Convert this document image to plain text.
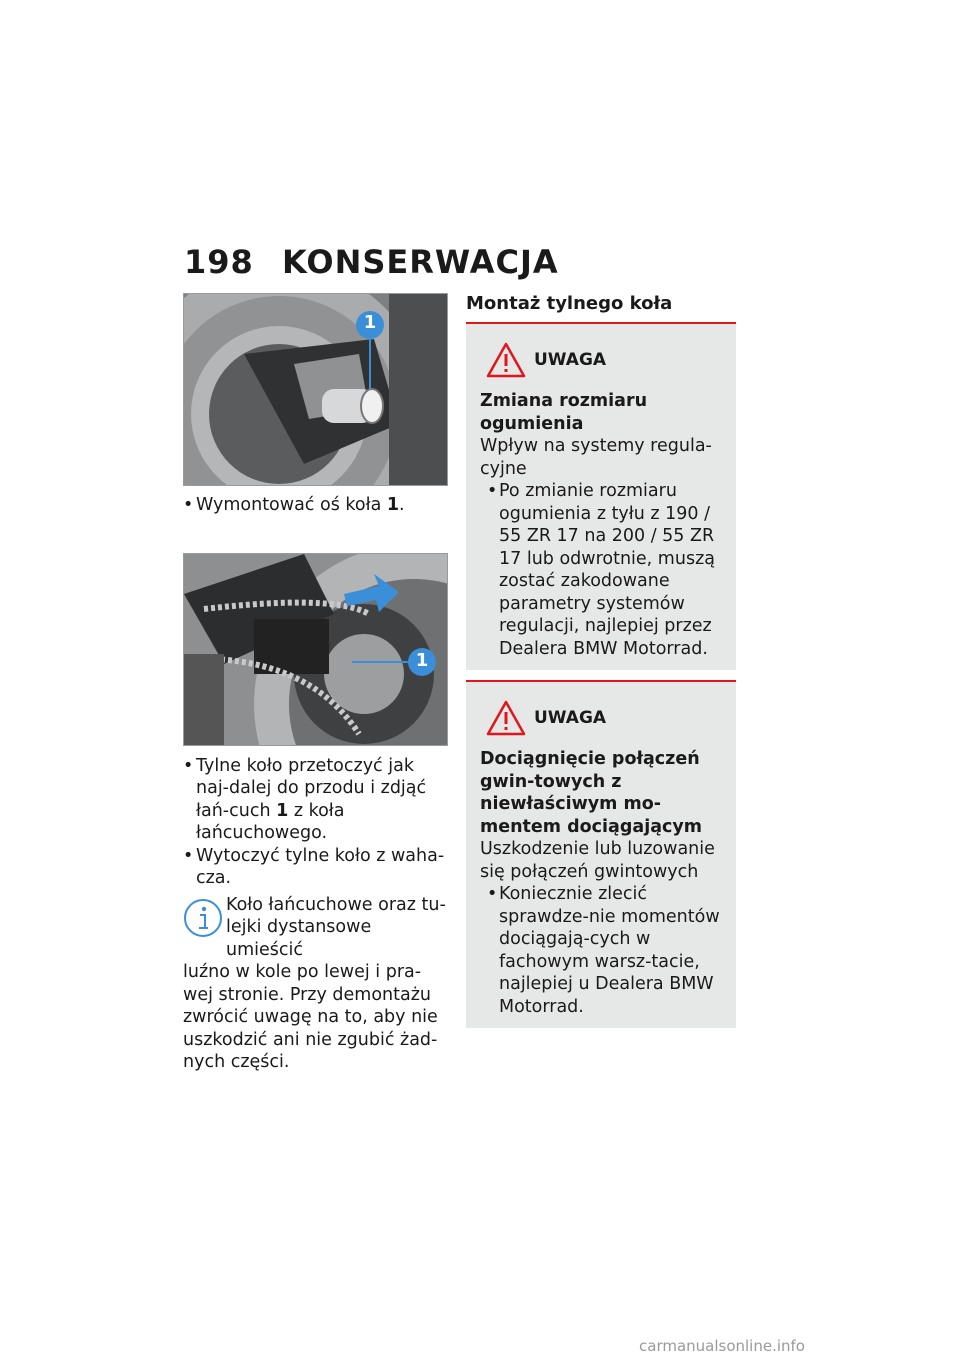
198 KONSERWACJA
1

• Wymontować oś koła 1.

1

• Tylne koło przetoczyć jak naj-dalej do przodu i zdjąć łań-cuch 1 z koła łańcuchowego.

• Wytoczyć tylne koło z waha-cza.

Koło łańcuchowe oraz tu-
lejki dystansowe umieścić
luźno w kole po lewej i pra-wej stronie. Przy demontażu zwrócić uwagę na to, aby nie uszkodzić ani nie zgubić żad-nych części.

Montaż tylnego koła

UWAGA
Zmiana rozmiaru ogumienia
Wpływ na systemy regula-cyjne
• Po zmianie rozmiaru ogumienia z tyłu z 190 / 55 ZR 17 na 200 / 55 ZR 17 lub odwrotnie, muszą zostać zakodowane parametry systemów regulacji, najlepiej przez Dealera BMW Motorrad.
UWAGA
Dociągnięcie połączeń gwin-towych z niewłaściwym mo-mentem dociągającym
Uszkodzenie lub luzowanie się połączeń gwintowych
• Koniecznie zlecić sprawdze-nie momentów dociągają-cych w fachowym warsz-tacie, najlepiej u Dealera BMW Motorrad.
carmanualsonline.info
